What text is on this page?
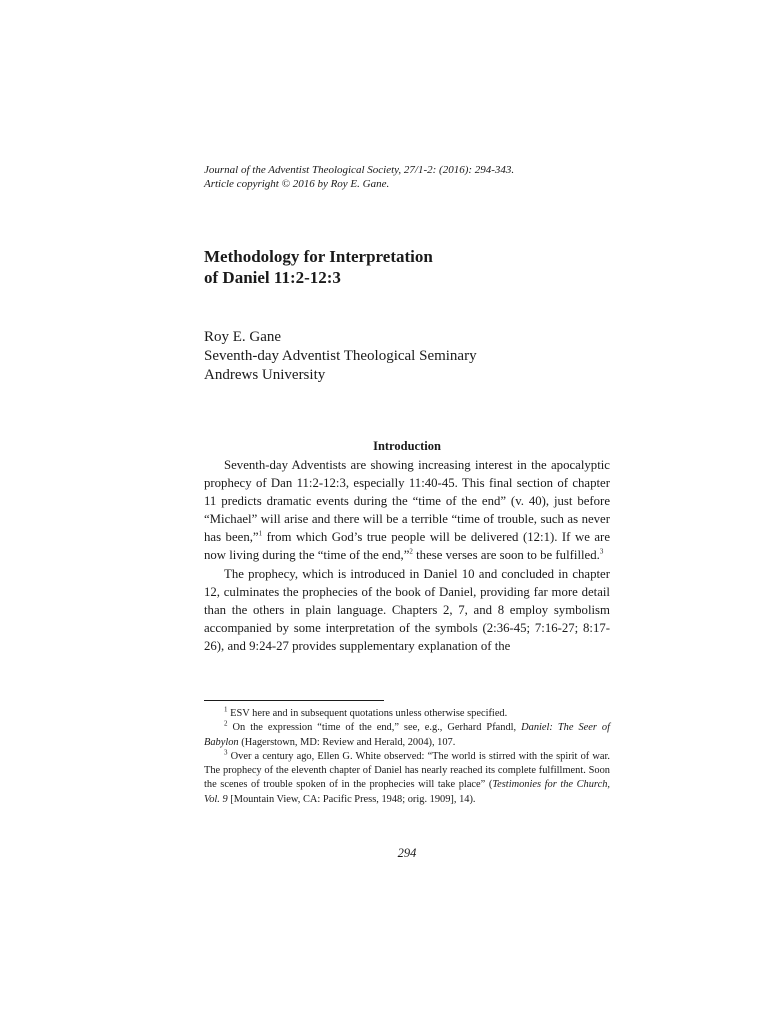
Journal of the Adventist Theological Society, 27/1-2: (2016): 294-343.
Article copyright © 2016 by Roy E. Gane.
Methodology for Interpretation
of Daniel 11:2-12:3
Roy E. Gane
Seventh-day Adventist Theological Seminary
Andrews University
Introduction

Seventh-day Adventists are showing increasing interest in the apocalyptic prophecy of Dan 11:2-12:3, especially 11:40-45. This final section of chapter 11 predicts dramatic events during the “time of the end” (v. 40), just before “Michael” will arise and there will be a terrible “time of trouble, such as never has been,”$^1$ from which God’s true people will be delivered (12:1). If we are now living during the “time of the end,”$^2$ these verses are soon to be fulfilled.$^3$

The prophecy, which is introduced in Daniel 10 and concluded in chapter 12, culminates the prophecies of the book of Daniel, providing far more detail than the others in plain language. Chapters 2, 7, and 8 employ symbolism accompanied by some interpretation of the symbols (2:36-45; 7:16-27; 8:17-26), and 9:24-27 provides supplementary explanation of the

$^1$ ESV here and in subsequent quotations unless otherwise specified.

$^2$ On the expression “time of the end,” see, e.g., Gerhard Pfandl, Daniel: The Seer of Babylon (Hagerstown, MD: Review and Herald, 2004), 107.

$^3$ Over a century ago, Ellen G. White observed: “The world is stirred with the spirit of war. The prophecy of the eleventh chapter of Daniel has nearly reached its complete fulfillment. Soon the scenes of trouble spoken of in the prophecies will take place” (Testimonies for the Church, Vol. 9 [Mountain View, CA: Pacific Press, 1948; orig. 1909], 14).

294
